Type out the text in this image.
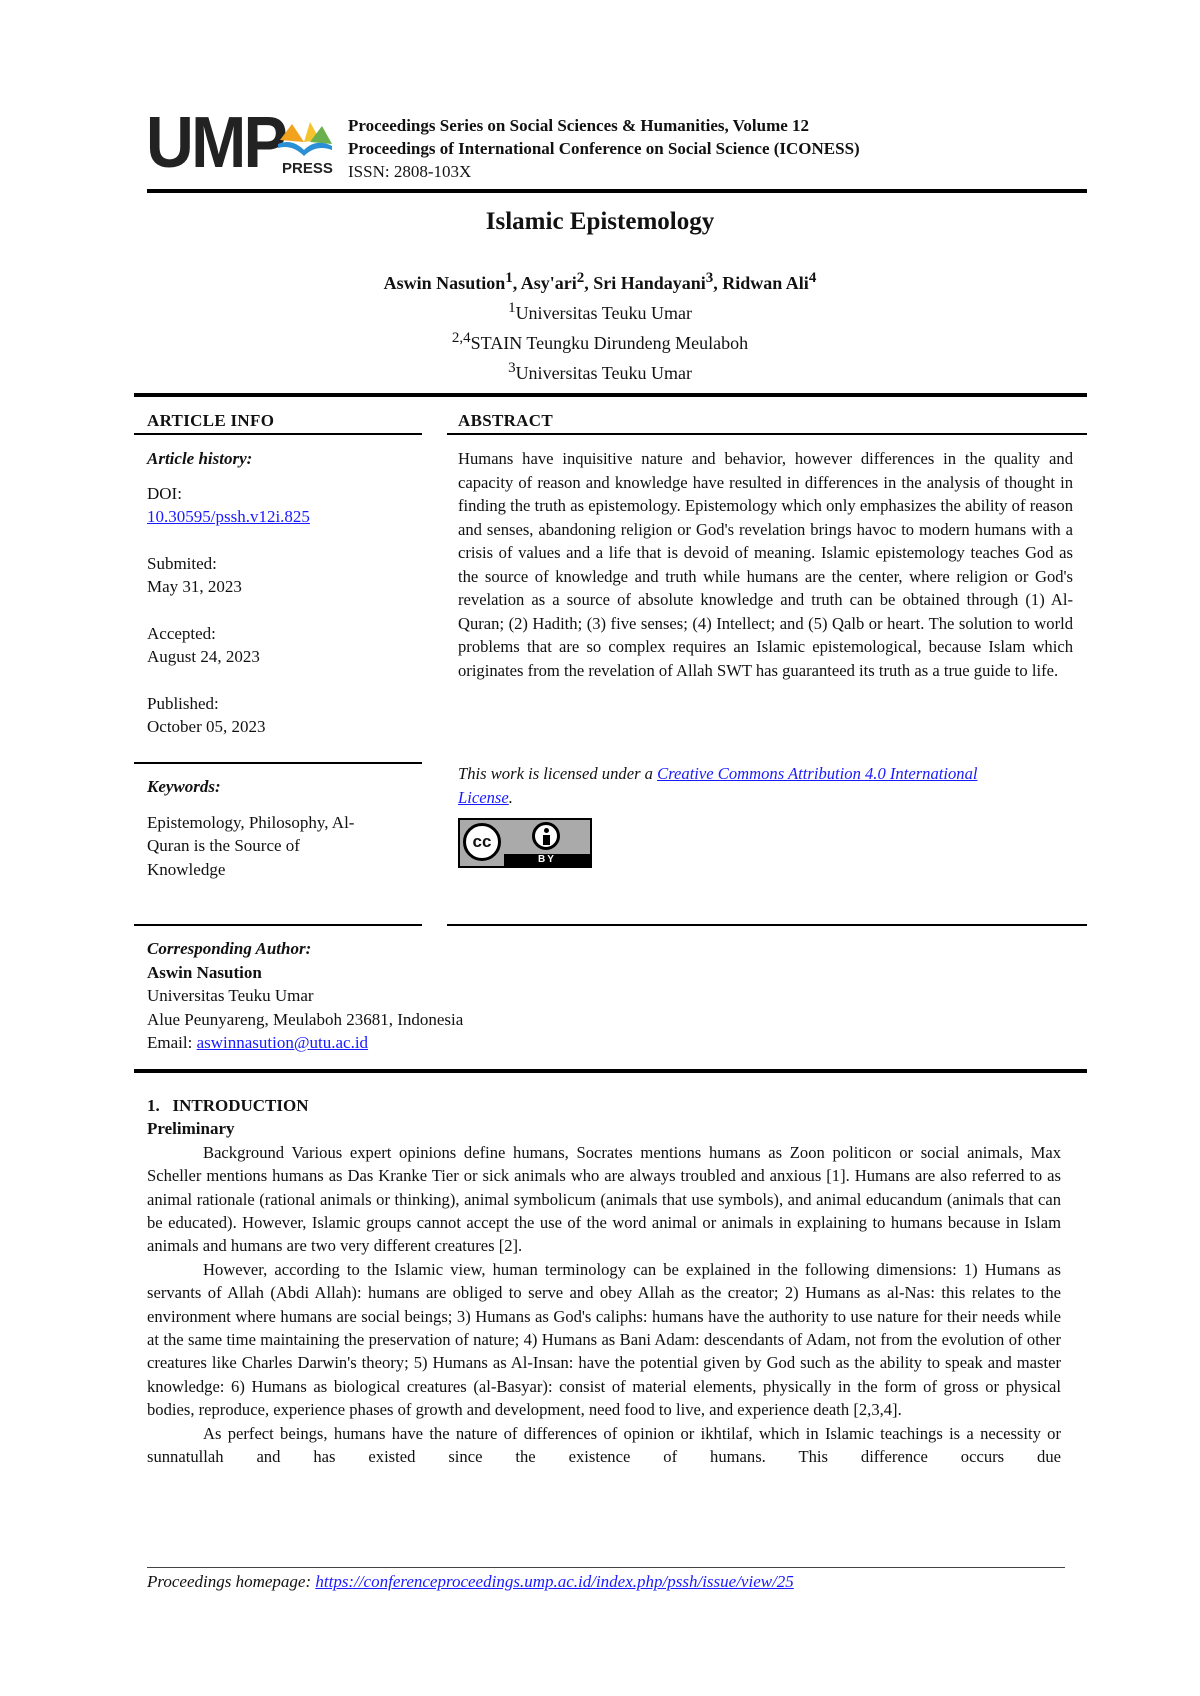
UMP
PRESS
Proceedings Series on Social Sciences & Humanities, Volume 12
Proceedings of International Conference on Social Science (ICONESS)
ISSN: 2808-103X
Islamic Epistemology
Aswin Nasution$^1$, Asy'ari$^2$, Sri Handayani$^3$, Ridwan Ali$^4$
$^1$Universitas Teuku Umar
$^{2,4}$STAIN Teungku Dirundeng Meulaboh
$^3$Universitas Teuku Umar
ARTICLE INFO
Article history:
DOI:
10.30595/pssh.v12i.825
Submited:
May 31, 2023
Accepted:
August 24, 2023
Published:
October 05, 2023
Keywords:
Epistemology, Philosophy, Al-Quran is the Source of Knowledge
ABSTRACT
Humans have inquisitive nature and behavior, however differences in the quality and capacity of reason and knowledge have resulted in differences in the analysis of thought in finding the truth as epistemology. Epistemology which only emphasizes the ability of reason and senses, abandoning religion or God's revelation brings havoc to modern humans with a crisis of values and a life that is devoid of meaning. Islamic epistemology teaches God as the source of knowledge and truth while humans are the center, where religion or God's revelation as a source of absolute knowledge and truth can be obtained through (1) Al-Quran; (2) Hadith; (3) five senses; (4) Intellect; and (5) Qalb or heart. The solution to world problems that are so complex requires an Islamic epistemological, because Islam which originates from the revelation of Allah SWT has guaranteed its truth as a true guide to life.
This work is licensed under a Creative Commons Attribution 4.0 International License.
cc
BY
Corresponding Author:
Aswin Nasution
Universitas Teuku Umar
Alue Peunyareng, Meulaboh 23681, Indonesia
Email: aswinnasution@utu.ac.id
1.   INTRODUCTION
Preliminary

Background Various expert opinions define humans, Socrates mentions humans as Zoon politicon or social animals, Max Scheller mentions humans as Das Kranke Tier or sick animals who are always troubled and anxious [1]. Humans are also referred to as animal rationale (rational animals or thinking), animal symbolicum (animals that use symbols), and animal educandum (animals that can be educated). However, Islamic groups cannot accept the use of the word animal or animals in explaining to humans because in Islam animals and humans are two very different creatures [2].

However, according to the Islamic view, human terminology can be explained in the following dimensions: 1) Humans as servants of Allah (Abdi Allah): humans are obliged to serve and obey Allah as the creator; 2) Humans as al-Nas: this relates to the environment where humans are social beings; 3) Humans as God's caliphs: humans have the authority to use nature for their needs while at the same time maintaining the preservation of nature; 4) Humans as Bani Adam: descendants of Adam, not from the evolution of other creatures like Charles Darwin's theory; 5) Humans as Al-Insan: have the potential given by God such as the ability to speak and master knowledge: 6) Humans as biological creatures (al-Basyar): consist of material elements, physically in the form of gross or physical bodies, reproduce, experience phases of growth and development, need food to live, and experience death [2,3,4].

As perfect beings, humans have the nature of differences of opinion or ikhtilaf, which in Islamic teachings is a necessity or sunnatullah and has existed since the existence of humans. This difference occurs due

Proceedings homepage: https://conferenceproceedings.ump.ac.id/index.php/pssh/issue/view/25
